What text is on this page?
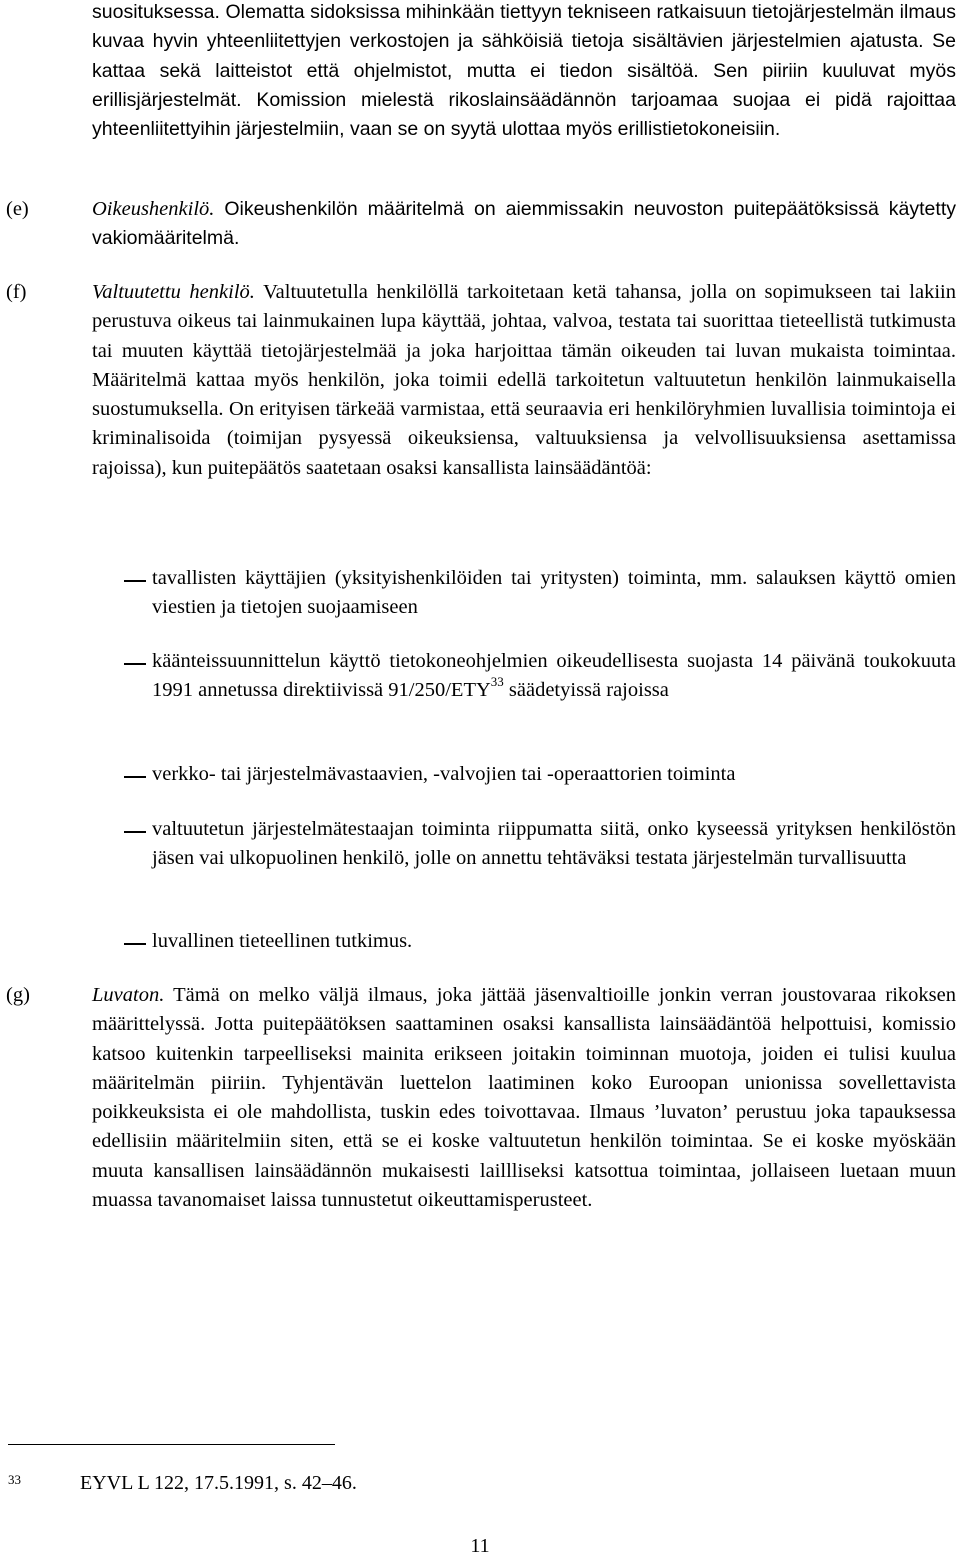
suosituksessa. Olematta sidoksissa mihinkään tiettyyn tekniseen ratkaisuun tietojärjestelmän ilmaus kuvaa hyvin yhteenliitettyjen verkostojen ja sähköisiä tietoja sisältävien järjestelmien ajatusta. Se kattaa sekä laitteistot että ohjelmistot, mutta ei tiedon sisältöä. Sen piiriin kuuluvat myös erillisjärjestelmät. Komission mielestä rikoslainsäädännön tarjoamaa suojaa ei pidä rajoittaa yhteenliitettyihin järjestelmiin, vaan se on syytä ulottaa myös erillistietokoneisiin.

(e)	Oikeushenkilö. Oikeushenkilön määritelmä on aiemmissakin neuvoston puitepäätöksissä käytetty vakiomääritelmä.

(f)	Valtuutettu henkilö. Valtuutetulla henkilöllä tarkoitetaan ketä tahansa, jolla on sopimukseen tai lakiin perustuva oikeus tai lainmukainen lupa käyttää, johtaa, valvoa, testata tai suorittaa tieteellistä tutkimusta tai muuten käyttää tietojärjestelmää ja joka harjoittaa tämän oikeuden tai luvan mukaista toimintaa. Määritelmä kattaa myös henkilön, joka toimii edellä tarkoitetun valtuutetun henkilön lainmukaisella suostumuksella. On erityisen tärkeää varmistaa, että seuraavia eri henkilöryhmien luvallisia toimintoja ei kriminalisoida (toimijan pysyessä oikeuksiensa, valtuuksiensa ja velvollisuuksiensa asettamissa rajoissa), kun puitepäätös saatetaan osaksi kansallista lainsäädäntöä:

tavallisten käyttäjien (yksityishenkilöiden tai yritysten) toiminta, mm. salauksen käyttö omien viestien ja tietojen suojaamiseen

käänteissuunnittelun käyttö tietokoneohjelmien oikeudellisesta suojasta 14 päivänä toukokuuta 1991 annetussa direktiivissä 91/250/ETY$^{33}$ säädetyissä rajoissa

verkko- tai järjestelmävastaavien, -valvojien tai -operaattorien toiminta

valtuutetun järjestelmätestaajan toiminta riippumatta siitä, onko kyseessä yrityksen henkilöstön jäsen vai ulkopuolinen henkilö, jolle on annettu tehtäväksi testata järjestelmän turvallisuutta

luvallinen tieteellinen tutkimus.

(g)	Luvaton. Tämä on melko väljä ilmaus, joka jättää jäsenvaltioille jonkin verran joustovaraa rikoksen määrittelyssä. Jotta puitepäätöksen saattaminen osaksi kansallista lainsäädäntöä helpottuisi, komissio katsoo kuitenkin tarpeelliseksi mainita erikseen joitakin toiminnan muotoja, joiden ei tulisi kuulua määritelmän piiriin. Tyhjentävän luettelon laatiminen koko Euroopan unionissa sovellettavista poikkeuksista ei ole mahdollista, tuskin edes toivottavaa. Ilmaus ’luvaton’ perustuu joka tapauksessa edellisiin määritelmiin siten, että se ei koske valtuutetun henkilön toimintaa. Se ei koske myöskään muuta kansallisen lainsäädännön mukaisesti laillliseksi katsottua toimintaa, jollaiseen luetaan muun muassa tavanomaiset laissa tunnustetut oikeuttamisperusteet.

33	EYVL L 122, 17.5.1991, s. 42–46.
11
